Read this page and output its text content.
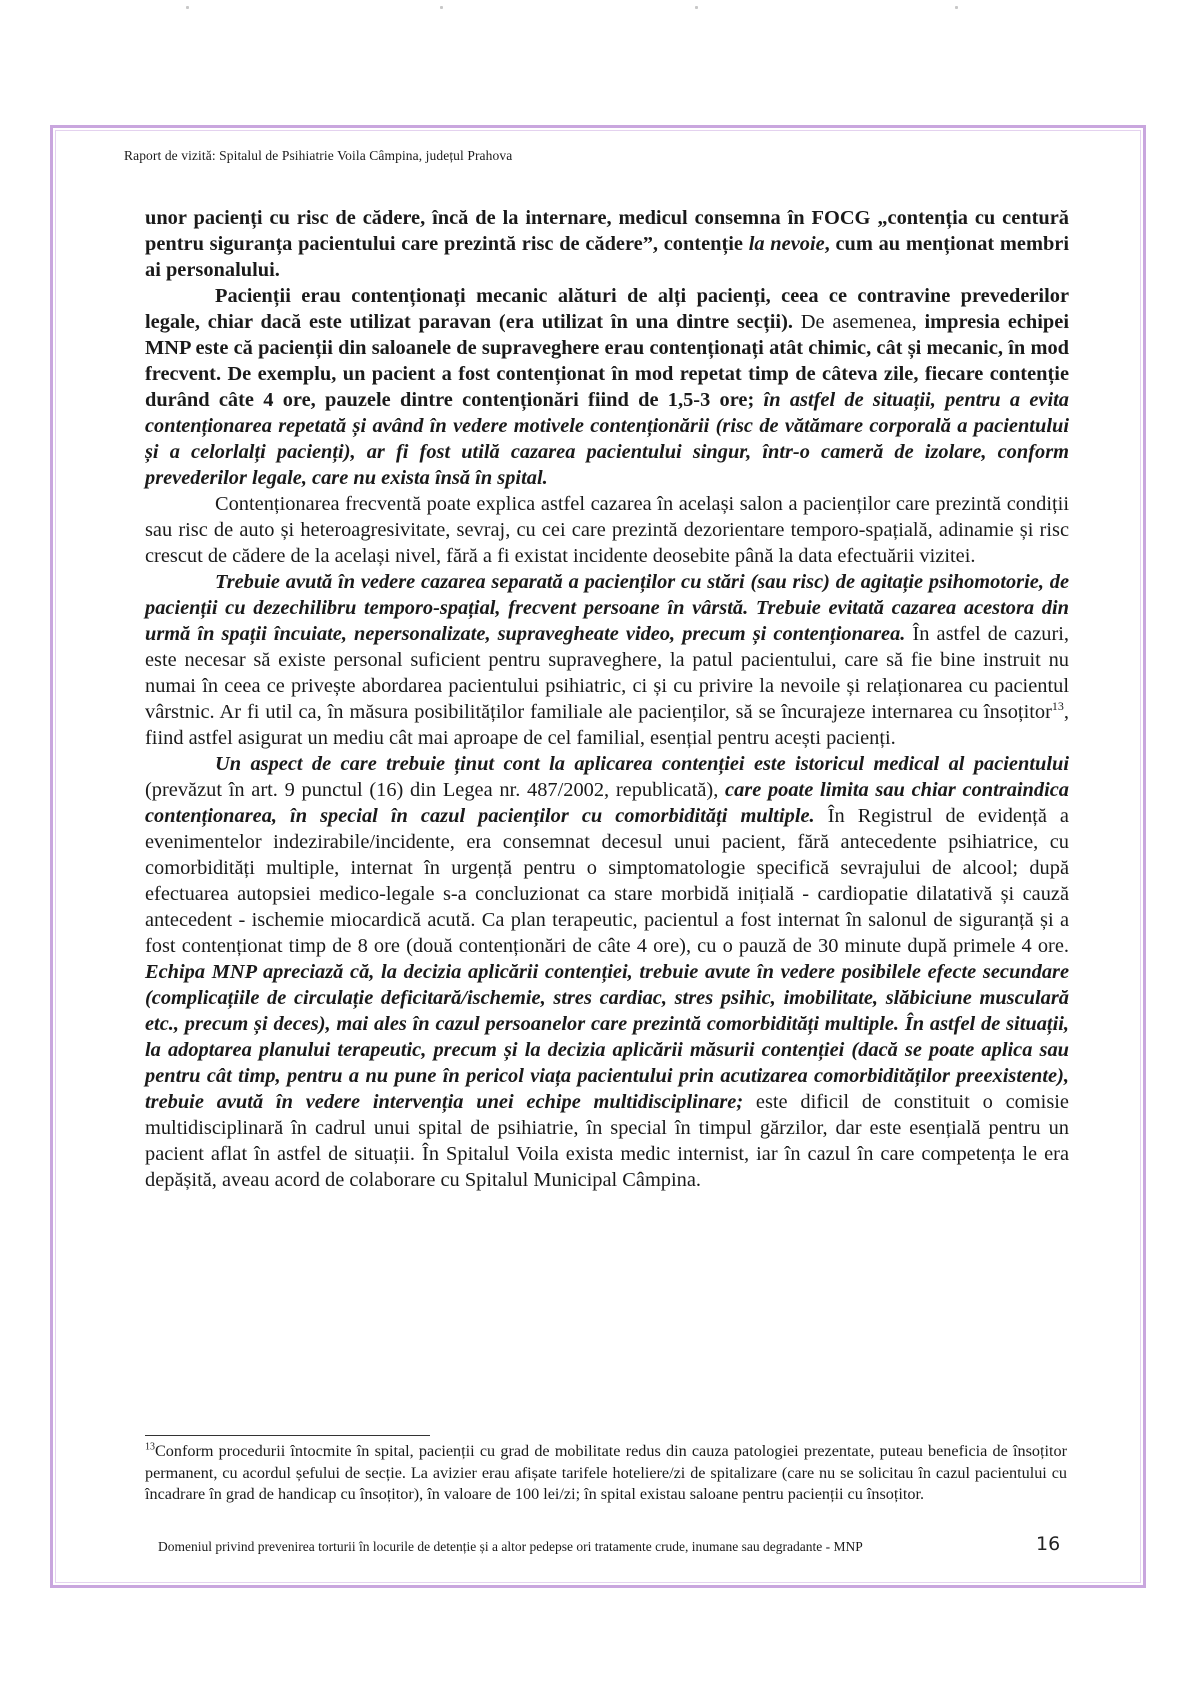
Raport de vizită: Spitalul de Psihiatrie Voila Câmpina, județul Prahova

unor pacienți cu risc de cădere, încă de la internare, medicul consemna în FOCG „contenția cu centură pentru siguranța pacientului care prezintă risc de cădere”, contenție la nevoie, cum au menționat membri ai personalului.

Pacienții erau contenționați mecanic alături de alți pacienți, ceea ce contravine prevederilor legale, chiar dacă este utilizat paravan (era utilizat în una dintre secții). De asemenea, impresia echipei MNP este că pacienții din saloanele de supraveghere erau contenționați atât chimic, cât și mecanic, în mod frecvent. De exemplu, un pacient a fost contenționat în mod repetat timp de câteva zile, fiecare contenție durând câte 4 ore, pauzele dintre contenționări fiind de 1,5-3 ore; în astfel de situații, pentru a evita contenționarea repetată și având în vedere motivele contenționării (risc de vătămare corporală a pacientului și a celorlalți pacienți), ar fi fost utilă cazarea pacientului singur, într-o cameră de izolare, conform prevederilor legale, care nu exista însă în spital.

Contenționarea frecventă poate explica astfel cazarea în același salon a pacienților care prezintă condiții sau risc de auto și heteroagresivitate, sevraj, cu cei care prezintă dezorientare temporo-spațială, adinamie și risc crescut de cădere de la același nivel, fără a fi existat incidente deosebite până la data efectuării vizitei.

Trebuie avută în vedere cazarea separată a pacienților cu stări (sau risc) de agitație psihomotorie, de pacienții cu dezechilibru temporo-spațial, frecvent persoane în vârstă. Trebuie evitată cazarea acestora din urmă în spații încuiate, nepersonalizate, supravegheate video, precum și contenționarea. În astfel de cazuri, este necesar să existe personal suficient pentru supraveghere, la patul pacientului, care să fie bine instruit nu numai în ceea ce privește abordarea pacientului psihiatric, ci și cu privire la nevoile și relaționarea cu pacientul vârstnic. Ar fi util ca, în măsura posibilităților familiale ale pacienților, să se încurajeze internarea cu însoțitor$^{13}$, fiind astfel asigurat un mediu cât mai aproape de cel familial, esențial pentru acești pacienți.

Un aspect de care trebuie ținut cont la aplicarea contenției este istoricul medical al pacientului (prevăzut în art. 9 punctul (16) din Legea nr. 487/2002, republicată), care poate limita sau chiar contraindica contenționarea, în special în cazul pacienților cu comorbidități multiple. În Registrul de evidență a evenimentelor indezirabile/incidente, era consemnat decesul unui pacient, fără antecedente psihiatrice, cu comorbidități multiple, internat în urgență pentru o simptomatologie specifică sevrajului de alcool; după efectuarea autopsiei medico-legale s-a concluzionat ca stare morbidă inițială - cardiopatie dilatativă și cauză antecedent - ischemie miocardică acută. Ca plan terapeutic, pacientul a fost internat în salonul de siguranță și a fost contenționat timp de 8 ore (două contenționări de câte 4 ore), cu o pauză de 30 minute după primele 4 ore. Echipa MNP apreciază că, la decizia aplicării contenției, trebuie avute în vedere posibilele efecte secundare (complicațiile de circulație deficitară/ischemie, stres cardiac, stres psihic, imobilitate, slăbiciune musculară etc., precum și deces), mai ales în cazul persoanelor care prezintă comorbidități multiple. În astfel de situații, la adoptarea planului terapeutic, precum și la decizia aplicării măsurii contenției (dacă se poate aplica sau pentru cât timp, pentru a nu pune în pericol viața pacientului prin acutizarea comorbidităților preexistente), trebuie avută în vedere intervenția unei echipe multidisciplinare; este dificil de constituit o comisie multidisciplinară în cadrul unui spital de psihiatrie, în special în timpul gărzilor, dar este esențială pentru un pacient aflat în astfel de situații. În Spitalul Voila exista medic internist, iar în cazul în care competența le era depășită, aveau acord de colaborare cu Spitalul Municipal Câmpina.

$^{13}$Conform procedurii întocmite în spital, pacienții cu grad de mobilitate redus din cauza patologiei prezentate, puteau beneficia de însoțitor permanent, cu acordul șefului de secție. La avizier erau afișate tarifele hoteliere/zi de spitalizare (care nu se solicitau în cazul pacientului cu încadrare în grad de handicap cu însoțitor), în valoare de 100 lei/zi; în spital existau saloane pentru pacienții cu însoțitor.
Domeniul privind prevenirea torturii în locurile de detenție și a altor pedepse ori tratamente crude, inumane sau degradante - MNP	16
